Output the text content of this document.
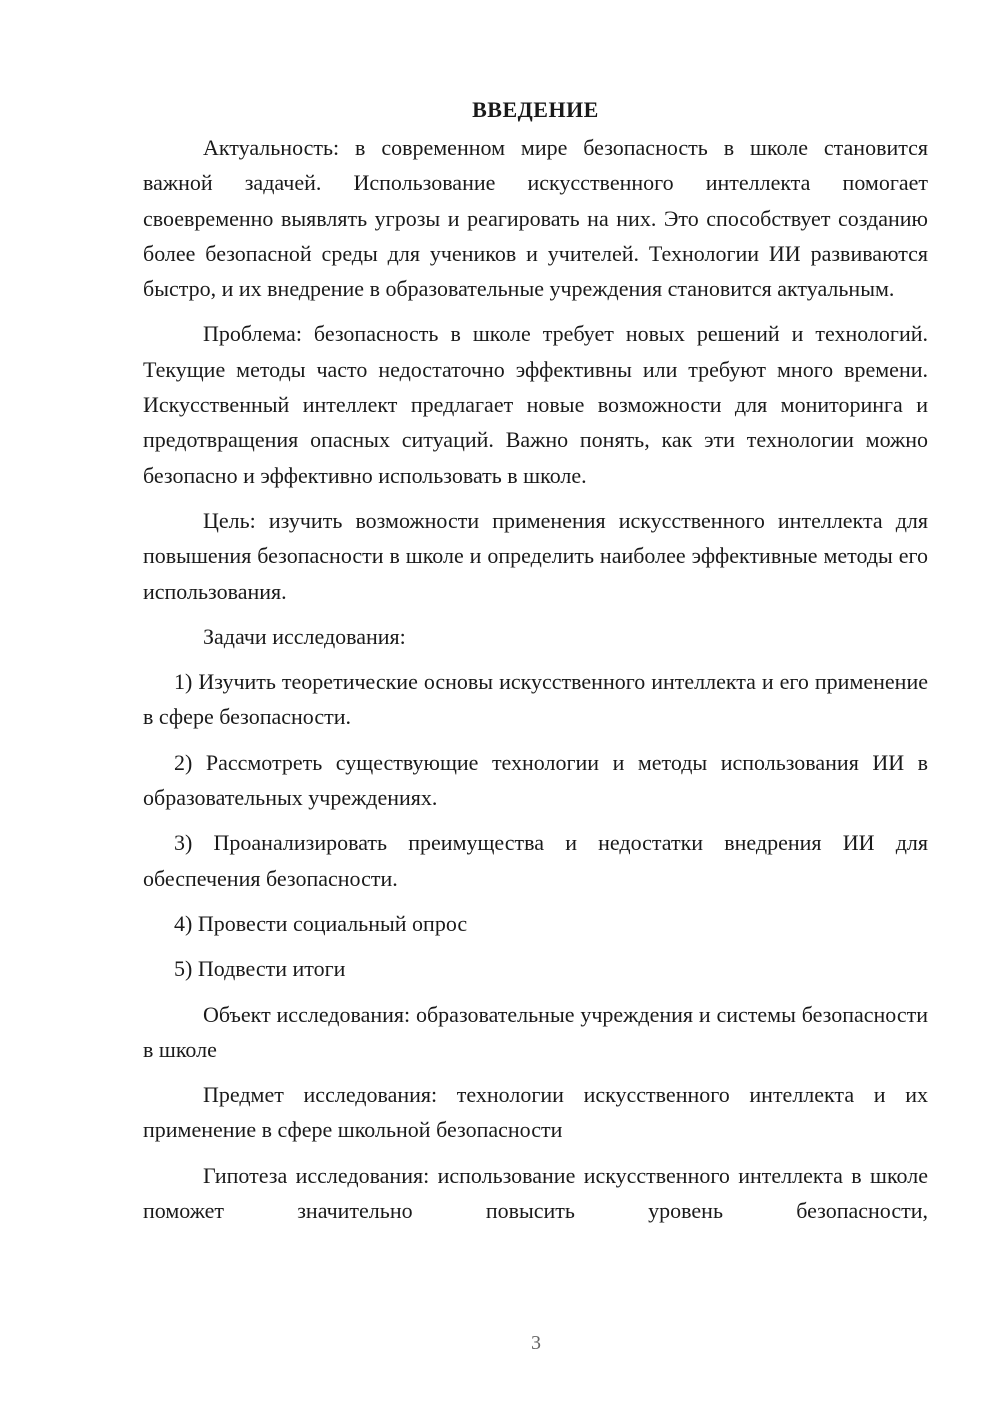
ВВЕДЕНИЕ

Актуальность: в современном мире безопасность в школе становится важной задачей. Использование искусственного интеллекта помогает своевременно выявлять угрозы и реагировать на них. Это способствует созданию более безопасной среды для учеников и учителей. Технологии ИИ развиваются быстро, и их внедрение в образовательные учреждения становится актуальным.

Проблема: безопасность в школе требует новых решений и технологий. Текущие методы часто недостаточно эффективны или требуют много времени. Искусственный интеллект предлагает новые возможности для мониторинга и предотвращения опасных ситуаций. Важно понять, как эти технологии можно безопасно и эффективно использовать в школе.

Цель: изучить возможности применения искусственного интеллекта для повышения безопасности в школе и определить наиболее эффективные методы его использования.

Задачи исследования:

1) Изучить теоретические основы искусственного интеллекта и его применение в сфере безопасности.

2) Рассмотреть существующие технологии и методы использования ИИ в образовательных учреждениях.

3) Проанализировать преимущества и недостатки внедрения ИИ для обеспечения безопасности.

4) Провести социальный опрос

5) Подвести итоги

Объект исследования: образовательные учреждения и системы безопасности в школе

Предмет исследования: технологии искусственного интеллекта и их применение в сфере школьной безопасности

Гипотеза исследования: использование искусственного интеллекта в школе поможет значительно повысить уровень безопасности,

3
